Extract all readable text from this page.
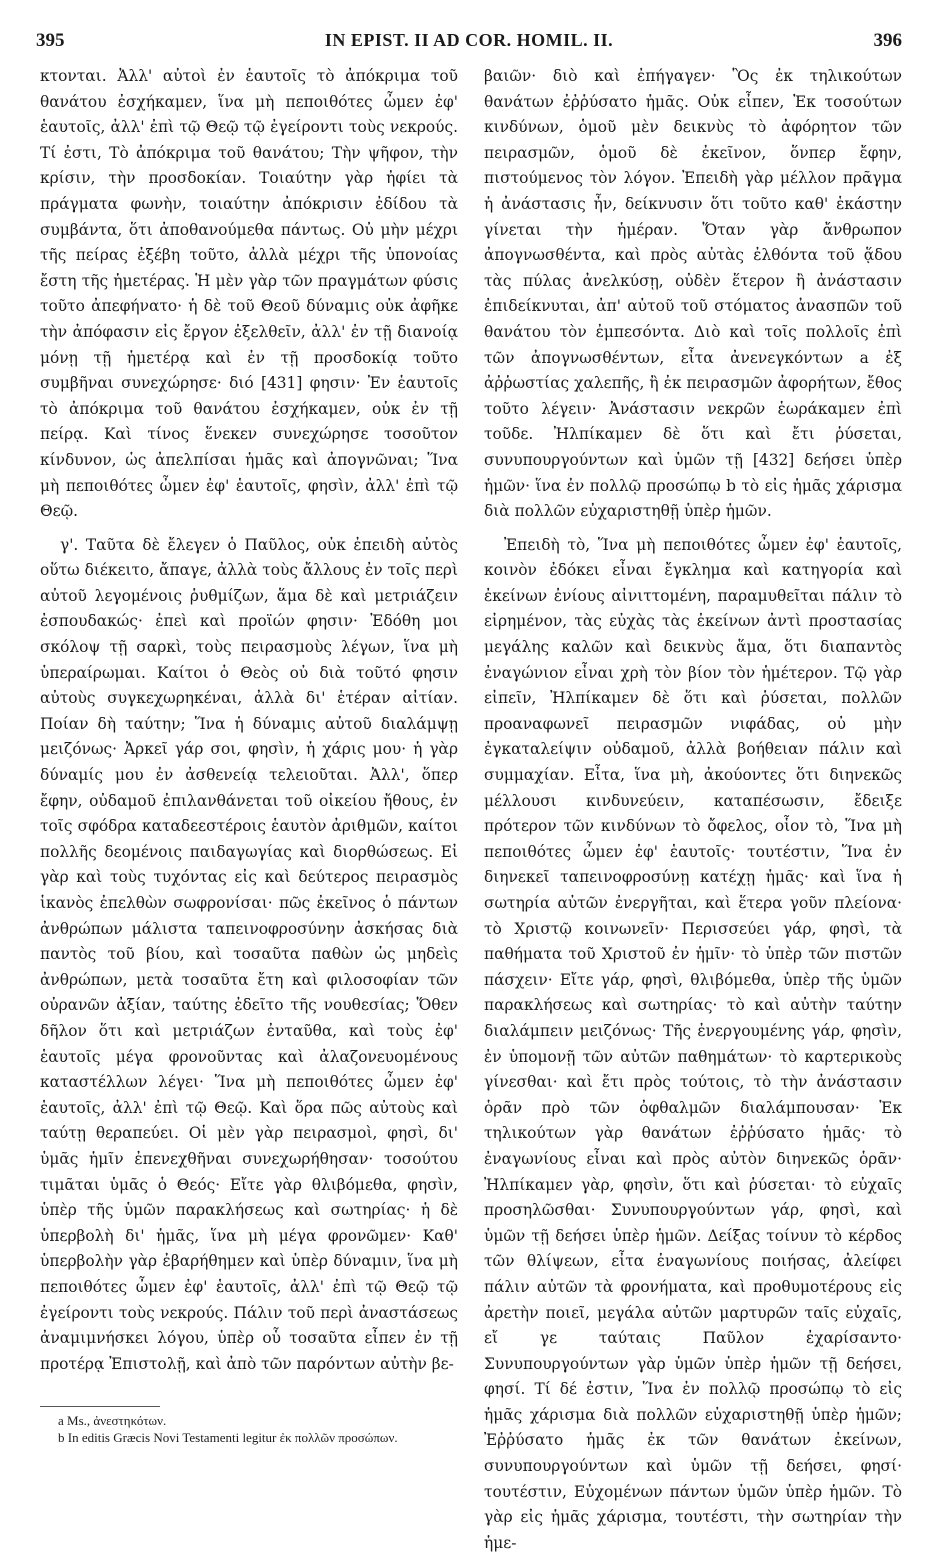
395	IN EPIST. II AD COR. HOMIL. II.	396

κτονται. Ἀλλ' αὐτοὶ ἐν ἑαυτοῖς τὸ ἀπόκριμα τοῦ θανάτου ἐσχήκαμεν, ἵνα μὴ πεποιθότες ὦμεν ἐφ' ἑαυτοῖς, ἀλλ' ἐπὶ τῷ Θεῷ τῷ ἐγείροντι τοὺς νεκρούς. Τί ἐστι, Τὸ ἀπόκριμα τοῦ θανάτου; Τὴν ψῆφον, τὴν κρίσιν, τὴν προσδοκίαν. Τοιαύτην γὰρ ἠφίει τὰ πράγματα φωνὴν, τοιαύτην ἀπόκρισιν ἐδίδου τὰ συμβάντα, ὅτι ἀποθανούμεθα πάντως. Οὐ μὴν μέχρι τῆς πείρας ἐξέβη τοῦτο, ἀλλὰ μέχρι τῆς ὑπονοίας ἔστη τῆς ἡμετέρας. Ἡ μὲν γὰρ τῶν πραγμάτων φύσις τοῦτο ἀπεφήνατο· ἡ δὲ τοῦ Θεοῦ δύναμις οὐκ ἀφῆκε τὴν ἀπόφασιν εἰς ἔργον ἐξελθεῖν, ἀλλ' ἐν τῇ διανοίᾳ μόνῃ τῇ ἡμετέρᾳ καὶ ἐν τῇ προσδοκίᾳ τοῦτο συμβῆναι συνεχώρησε· διό [431] φησιν· Ἐν ἑαυτοῖς τὸ ἀπόκριμα τοῦ θανάτου ἐσχήκαμεν, οὐκ ἐν τῇ πείρᾳ. Καὶ τίνος ἕνεκεν συνεχώρησε τοσοῦτον κίνδυνον, ὡς ἀπελπίσαι ἡμᾶς καὶ ἀπογνῶναι; Ἵνα μὴ πεποιθότες ὦμεν ἐφ' ἑαυτοῖς, φησὶν, ἀλλ' ἐπὶ τῷ Θεῷ.

γ'. Ταῦτα δὲ ἔλεγεν ὁ Παῦλος, οὐκ ἐπειδὴ αὐτὸς οὕτω διέκειτο, ἄπαγε, ἀλλὰ τοὺς ἄλλους ἐν τοῖς περὶ αὐτοῦ λεγομένοις ῥυθμίζων, ἅμα δὲ καὶ μετριάζειν ἐσπουδακώς· ἐπεὶ καὶ προϊών φησιν· Ἐδόθη μοι σκόλοψ τῇ σαρκὶ, τοὺς πειρασμοὺς λέγων, ἵνα μὴ ὑπεραίρωμαι. Καίτοι ὁ Θεὸς οὐ διὰ τοῦτό φησιν αὐτοὺς συγκεχωρηκέναι, ἀλλὰ δι' ἑτέραν αἰτίαν. Ποίαν δὴ ταύτην; Ἵνα ἡ δύναμις αὐτοῦ διαλάμψῃ μειζόνως· Ἀρκεῖ γάρ σοι, φησὶν, ἡ χάρις μου· ἡ γὰρ δύναμίς μου ἐν ἀσθενείᾳ τελειοῦται. Ἀλλ', ὅπερ ἔφην, οὐδαμοῦ ἐπιλανθάνεται τοῦ οἰκείου ἤθους, ἐν τοῖς σφόδρα καταδεεστέροις ἑαυτὸν ἀριθμῶν, καίτοι πολλῆς δεομένοις παιδαγωγίας καὶ διορθώσεως. Εἰ γὰρ καὶ τοὺς τυχόντας εἰς καὶ δεύτερος πειρασμὸς ἱκανὸς ἐπελθὼν σωφρονίσαι· πῶς ἐκεῖνος ὁ πάντων ἀνθρώπων μάλιστα ταπεινοφροσύνην ἀσκήσας διὰ παντὸς τοῦ βίου, καὶ τοσαῦτα παθὼν ὡς μηδεὶς ἀνθρώπων, μετὰ τοσαῦτα ἔτη καὶ φιλοσοφίαν τῶν οὐρανῶν ἀξίαν, ταύτης ἐδεῖτο τῆς νουθεσίας; Ὅθεν δῆλον ὅτι καὶ μετριάζων ἐνταῦθα, καὶ τοὺς ἐφ' ἑαυτοῖς μέγα φρονοῦντας καὶ ἀλαζονευομένους καταστέλλων λέγει· Ἵνα μὴ πεποιθότες ὦμεν ἐφ' ἑαυτοῖς, ἀλλ' ἐπὶ τῷ Θεῷ. Καὶ ὅρα πῶς αὐτοὺς καὶ ταύτῃ θεραπεύει. Οἱ μὲν γὰρ πειρασμοὶ, φησὶ, δι' ὑμᾶς ἡμῖν ἐπενεχθῆναι συνεχωρήθησαν· τοσούτου τιμᾶται ὑμᾶς ὁ Θεός· Εἴτε γὰρ θλιβόμεθα, φησὶν, ὑπὲρ τῆς ὑμῶν παρακλήσεως καὶ σωτηρίας· ἡ δὲ ὑπερβολὴ δι' ἡμᾶς, ἵνα μὴ μέγα φρονῶμεν· Καθ' ὑπερβολὴν γὰρ ἐβαρήθημεν καὶ ὑπὲρ δύναμιν, ἵνα μὴ πεποιθότες ὦμεν ἐφ' ἑαυτοῖς, ἀλλ' ἐπὶ τῷ Θεῷ τῷ ἐγείροντι τοὺς νεκρούς. Πάλιν τοῦ περὶ ἀναστάσεως ἀναμιμνήσκει λόγου, ὑπὲρ οὗ τοσαῦτα εἶπεν ἐν τῇ προτέρᾳ Ἐπιστολῇ, καὶ ἀπὸ τῶν παρόντων αὐτὴν βε-

βαιῶν· διὸ καὶ ἐπήγαγεν· Ὃς ἐκ τηλικούτων θανάτων ἐῤῥύσατο ἡμᾶς. Οὐκ εἶπεν, Ἐκ τοσούτων κινδύνων, ὁμοῦ μὲν δεικνὺς τὸ ἀφόρητον τῶν πειρασμῶν, ὁμοῦ δὲ ἐκεῖνον, ὅνπερ ἔφην, πιστούμενος τὸν λόγον. Ἐπειδὴ γὰρ μέλλον πρᾶγμα ἡ ἀνάστασις ἦν, δείκνυσιν ὅτι τοῦτο καθ' ἑκάστην γίνεται τὴν ἡμέραν. Ὅταν γὰρ ἄνθρωπον ἀπογνωσθέντα, καὶ πρὸς αὐτὰς ἐλθόντα τοῦ ᾅδου τὰς πύλας ἀνελκύσῃ, οὐδὲν ἕτερον ἢ ἀνάστασιν ἐπιδείκνυται, ἀπ' αὐτοῦ τοῦ στόματος ἀνασπῶν τοῦ θανάτου τὸν ἐμπεσόντα. Διὸ καὶ τοῖς πολλοῖς ἐπὶ τῶν ἀπογνωσθέντων, εἶτα ἀνενεγκόντων a ἐξ ἀῤῥωστίας χαλεπῆς, ἢ ἐκ πειρασμῶν ἀφορήτων, ἔθος τοῦτο λέγειν· Ἀνάστασιν νεκρῶν ἑωράκαμεν ἐπὶ τοῦδε. Ἠλπίκαμεν δὲ ὅτι καὶ ἔτι ῥύσεται, συνυπουργούντων καὶ ὑμῶν τῇ [432] δεήσει ὑπὲρ ἡμῶν· ἵνα ἐν πολλῷ προσώπῳ b τὸ εἰς ἡμᾶς χάρισμα διὰ πολλῶν εὐχαριστηθῇ ὑπὲρ ἡμῶν.

Ἐπειδὴ τὸ, Ἵνα μὴ πεποιθότες ὦμεν ἐφ' ἑαυτοῖς, κοινὸν ἐδόκει εἶναι ἔγκλημα καὶ κατηγορία καὶ ἐκείνων ἐνίους αἰνιττομένη, παραμυθεῖται πάλιν τὸ εἰρημένον, τὰς εὐχὰς τὰς ἐκείνων ἀντὶ προστασίας μεγάλης καλῶν καὶ δεικνὺς ἅμα, ὅτι διαπαντὸς ἐναγώνιον εἶναι χρὴ τὸν βίον τὸν ἡμέτερον. Τῷ γὰρ εἰπεῖν, Ἠλπίκαμεν δὲ ὅτι καὶ ῥύσεται, πολλῶν προαναφωνεῖ πειρασμῶν νιφάδας, οὐ μὴν ἐγκαταλείψιν οὐδαμοῦ, ἀλλὰ βοήθειαν πάλιν καὶ συμμαχίαν. Εἶτα, ἵνα μὴ, ἀκούοντες ὅτι διηνεκῶς μέλλουσι κινδυνεύειν, καταπέσωσιν, ἔδειξε πρότερον τῶν κινδύνων τὸ ὄφελος, οἷον τὸ, Ἵνα μὴ πεποιθότες ὦμεν ἐφ' ἑαυτοῖς· τουτέστιν, Ἵνα ἐν διηνεκεῖ ταπεινοφροσύνῃ κατέχῃ ἡμᾶς· καὶ ἵνα ἡ σωτηρία αὐτῶν ἐνεργῆται, καὶ ἕτερα γοῦν πλείονα· τὸ Χριστῷ κοινωνεῖν· Περισσεύει γάρ, φησὶ, τὰ παθήματα τοῦ Χριστοῦ ἐν ἡμῖν· τὸ ὑπὲρ τῶν πιστῶν πάσχειν· Εἴτε γάρ, φησὶ, θλιβόμεθα, ὑπὲρ τῆς ὑμῶν παρακλήσεως καὶ σωτηρίας· τὸ καὶ αὐτὴν ταύτην διαλάμπειν μειζόνως· Τῆς ἐνεργουμένης γάρ, φησὶν, ἐν ὑπομονῇ τῶν αὐτῶν παθημάτων· τὸ καρτερικοὺς γίνεσθαι· καὶ ἔτι πρὸς τούτοις, τὸ τὴν ἀνάστασιν ὁρᾶν πρὸ τῶν ὀφθαλμῶν διαλάμπουσαν· Ἐκ τηλικούτων γὰρ θανάτων ἐῤῥύσατο ἡμᾶς· τὸ ἐναγωνίους εἶναι καὶ πρὸς αὐτὸν διηνεκῶς ὁρᾶν· Ἠλπίκαμεν γὰρ, φησὶν, ὅτι καὶ ῥύσεται· τὸ εὐχαῖς προσηλῶσθαι· Συνυπουργούντων γάρ, φησὶ, καὶ ὑμῶν τῇ δεήσει ὑπὲρ ἡμῶν. Δείξας τοίνυν τὸ κέρδος τῶν θλίψεων, εἶτα ἐναγωνίους ποιήσας, ἀλείφει πάλιν αὐτῶν τὰ φρονήματα, καὶ προθυμοτέρους εἰς ἀρετὴν ποιεῖ, μεγάλα αὐτῶν μαρτυρῶν ταῖς εὐχαῖς, εἴ γε ταύταις Παῦλον ἐχαρίσαντο· Συνυπουργούντων γὰρ ὑμῶν ὑπὲρ ἡμῶν τῇ δεήσει, φησί. Τί δέ ἐστιν, Ἵνα ἐν πολλῷ προσώπῳ τὸ εἰς ἡμᾶς χάρισμα διὰ πολλῶν εὐχαριστηθῇ ὑπὲρ ἡμῶν; Ἐῤῥύσατο ἡμᾶς ἐκ τῶν θανάτων ἐκείνων, συνυπουργούντων καὶ ὑμῶν τῇ δεήσει, φησί· τουτέστιν, Εὐχομένων πάντων ὑμῶν ὑπὲρ ἡμῶν. Τὸ γὰρ εἰς ἡμᾶς χάρισμα, τουτέστι, τὴν σωτηρίαν τὴν ἡμε-

a Ms., ἀνεστηκότων.

b In editis Græcis Novi Testamenti legitur ἐκ πολλῶν προσώπων.
